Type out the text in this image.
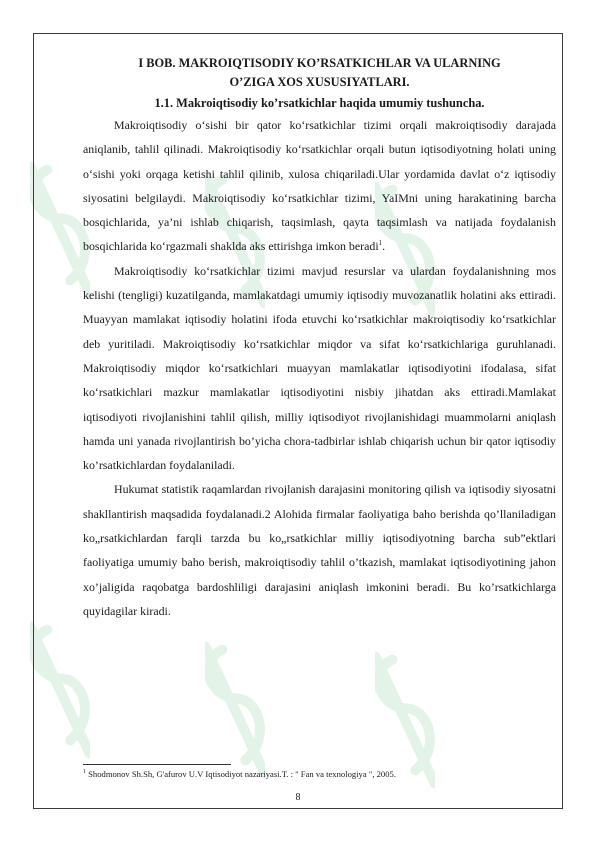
I BOB. MAKROIQTISODIY KO’RSATKICHLAR VA ULARNING
O’ZIGA XOS XUSUSIYATLARI.
1.1. Makroiqtisodiy ko’rsatkichlar haqida umumiy tushuncha.

Makroiqtisodiy o‘sishi bir qator ko‘rsatkichlar tizimi orqali makroiqtisodiy darajada aniqlanib, tahlil qilinadi. Makroiqtisodiy ko‘rsatkichlar orqali butun iqtisodiyotning holati uning o‘sishi yoki orqaga ketishi tahlil qilinib, xulosa chiqariladi.Ular yordamida davlat o‘z iqtisodiy siyosatini belgilaydi. Makroiqtisodiy ko‘rsatkichlar tizimi, YaIMni uning harakatining barcha bosqichlarida, ya’ni ishlab chiqarish, taqsimlash, qayta taqsimlash va natijada foydalanish bosqichlarida ko‘rgazmali shaklda aks ettirishga imkon beradi$^1$.

Makroiqtisodiy ko‘rsatkichlar tizimi mavjud resurslar va ulardan foydalanishning mos kelishi (tengligi) kuzatilganda, mamlakatdagi umumiy iqtisodiy muvozanatlik holatini aks ettiradi. Muayyan mamlakat iqtisodiy holatini ifoda etuvchi ko‘rsatkichlar makroiqtisodiy ko‘rsatkichlar deb yuritiladi. Makroiqtisodiy ko‘rsatkichlar miqdor va sifat ko‘rsatkichlariga guruhlanadi. Makroiqtisodiy miqdor ko‘rsatkichlari muayyan mamlakatlar iqtisodiyotini ifodalasa, sifat ko‘rsatkichlari mazkur mamlakatlar iqtisodiyotini nisbiy jihatdan aks ettiradi.Mamlakat iqtisodiyoti rivojlanishini tahlil qilish, milliy iqtisodiyot rivojlanishidagi muammolarni aniqlash hamda uni yanada rivojlantirish bo’yicha chora-tadbirlar ishlab chiqarish uchun bir qator iqtisodiy ko’rsatkichlardan foydalaniladi.

Hukumat statistik raqamlardan rivojlanish darajasini monitoring qilish va iqtisodiy siyosatni shakllantirish maqsadida foydalanadi.2 Alohida firmalar faoliyatiga baho berishda qo’llaniladigan ko„rsatkichlardan farqli tarzda bu ko„rsatkichlar milliy iqtisodiyotning barcha sub”ektlari faoliyatiga umumiy baho berish, makroiqtisodiy tahlil o’tkazish, mamlakat iqtisodiyotining jahon xo’jaligida raqobatga bardoshliligi darajasini aniqlash imkonini beradi. Bu ko’rsatkichlarga quyidagilar kiradi.

$^1$ Shodmonov Sh.Sh, G'afurov U.V Iqtisodiyot nazariyasi.T. : " Fan va texnologiya ", 2005.
8
